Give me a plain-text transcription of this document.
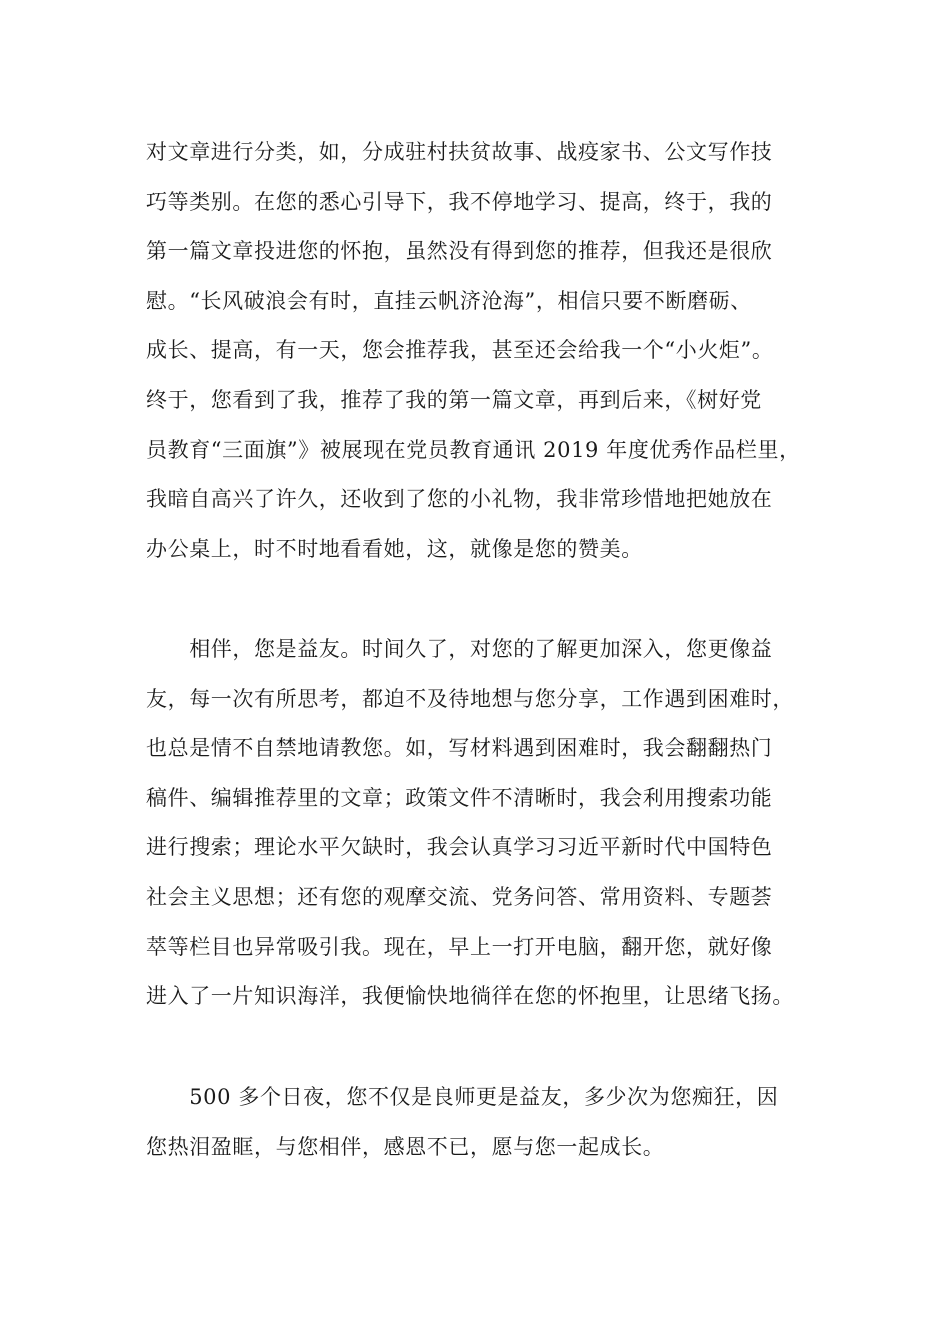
对文章进行分类，如，分成驻村扶贫故事、战疫家书、公文写作技
巧等类别。在您的悉心引导下，我不停地学习、提高，终于，我的
第一篇文章投进您的怀抱，虽然没有得到您的推荐，但我还是很欣
慰。“长风破浪会有时，直挂云帆济沧海”，相信只要不断磨砺、
成长、提高，有一天，您会推荐我，甚至还会给我一个“小火炬”。
终于，您看到了我，推荐了我的第一篇文章，再到后来，《树好党
员教育“三面旗”》被展现在党员教育通讯 2019 年度优秀作品栏里，
我暗自高兴了许久，还收到了您的小礼物，我非常珍惜地把她放在
办公桌上，时不时地看看她，这，就像是您的赞美。
　　相伴，您是益友。时间久了，对您的了解更加深入，您更像益
友，每一次有所思考，都迫不及待地想与您分享，工作遇到困难时，
也总是情不自禁地请教您。如，写材料遇到困难时，我会翻翻热门
稿件、编辑推荐里的文章；政策文件不清晰时，我会利用搜索功能
进行搜索；理论水平欠缺时，我会认真学习习近平新时代中国特色
社会主义思想；还有您的观摩交流、党务问答、常用资料、专题荟
萃等栏目也异常吸引我。现在，早上一打开电脑，翻开您，就好像
进入了一片知识海洋，我便愉快地徜徉在您的怀抱里，让思绪飞扬。
　　500 多个日夜，您不仅是良师更是益友，多少次为您痴狂，因
您热泪盈眶，与您相伴，感恩不已，愿与您一起成长。
